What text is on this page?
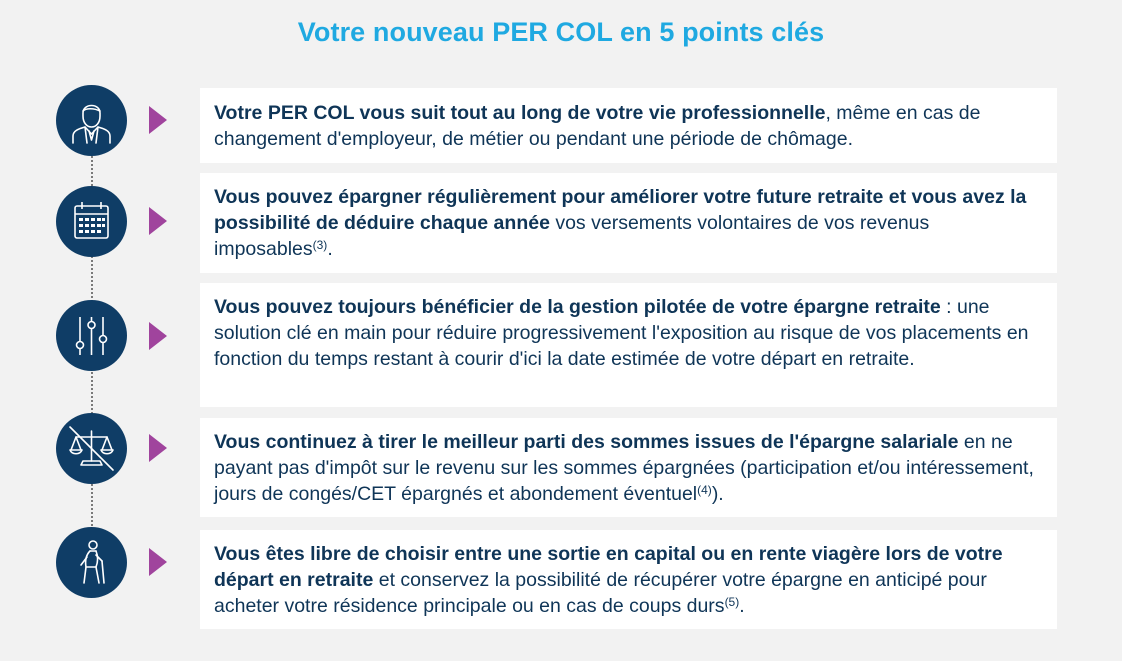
Votre nouveau PER COL en 5 points clés
Votre PER COL vous suit tout au long de votre vie professionnelle, même en cas de changement d'employeur, de métier ou pendant une période de chômage.
Vous pouvez épargner régulièrement pour améliorer votre future retraite et vous avez la possibilité de déduire chaque année vos versements volontaires de vos revenus imposables$^{(3)}$.
Vous pouvez toujours bénéficier de la gestion pilotée de votre épargne retraite : une solution clé en main pour réduire progressivement l'exposition au risque de vos placements en fonction du temps restant à courir d'ici la date estimée de votre départ en retraite.
Vous continuez à tirer le meilleur parti des sommes issues de l'épargne salariale en ne payant pas d'impôt sur le revenu sur les sommes épargnées (participation et/ou intéressement, jours de congés/CET épargnés et abondement éventuel$^{(4)}$).
Vous êtes libre de choisir entre une sortie en capital ou en rente viagère lors de votre départ en retraite et conservez la possibilité de récupérer votre épargne en anticipé pour acheter votre résidence principale ou en cas de coups durs$^{(5)}$.
